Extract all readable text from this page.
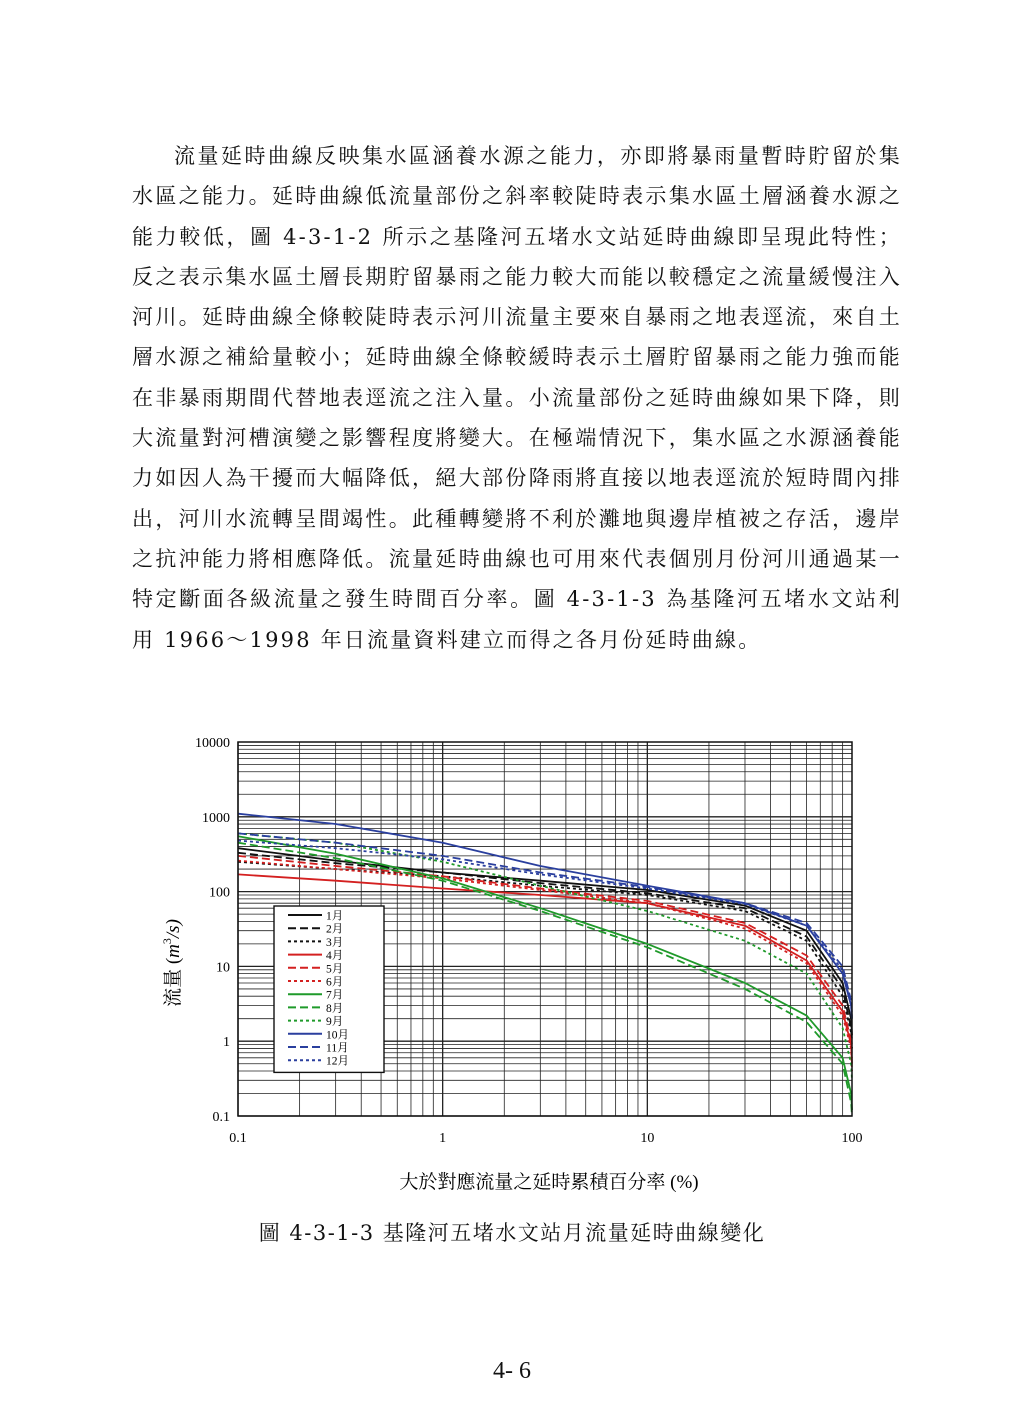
流量延時曲線反映集水區涵養水源之能力，亦即將暴雨量暫時貯留於集水區之能力。延時曲線低流量部份之斜率較陡時表示集水區土層涵養水源之能力較低，圖 4-3-1-2 所示之基隆河五堵水文站延時曲線即呈現此特性；反之表示集水區土層長期貯留暴雨之能力較大而能以較穩定之流量緩慢注入河川。延時曲線全條較陡時表示河川流量主要來自暴雨之地表逕流，來自土層水源之補給量較小；延時曲線全條較緩時表示土層貯留暴雨之能力強而能在非暴雨期間代替地表逕流之注入量。小流量部份之延時曲線如果下降，則大流量對河槽演變之影響程度將變大。在極端情況下，集水區之水源涵養能力如因人為干擾而大幅降低，絕大部份降雨將直接以地表逕流於短時間內排出，河川水流轉呈間竭性。此種轉變將不利於灘地與邊岸植被之存活，邊岸之抗沖能力將相應降低。流量延時曲線也可用來代表個別月份河川通過某一特定斷面各級流量之發生時間百分率。圖 4-3-1-3 為基隆河五堵水文站利用 1966～1998 年日流量資料建立而得之各月份延時曲線。

10000
1000
100
10
1
0.1
0.1	1	10	100
流量 $(m^3/s)$
大於對應流量之延時累積百分率 (%)
1月
2月
3月
4月
5月
6月
7月
8月
9月
10月
11月
12月

圖 4-3-1-3 基隆河五堵水文站月流量延時曲線變化

4- 6
